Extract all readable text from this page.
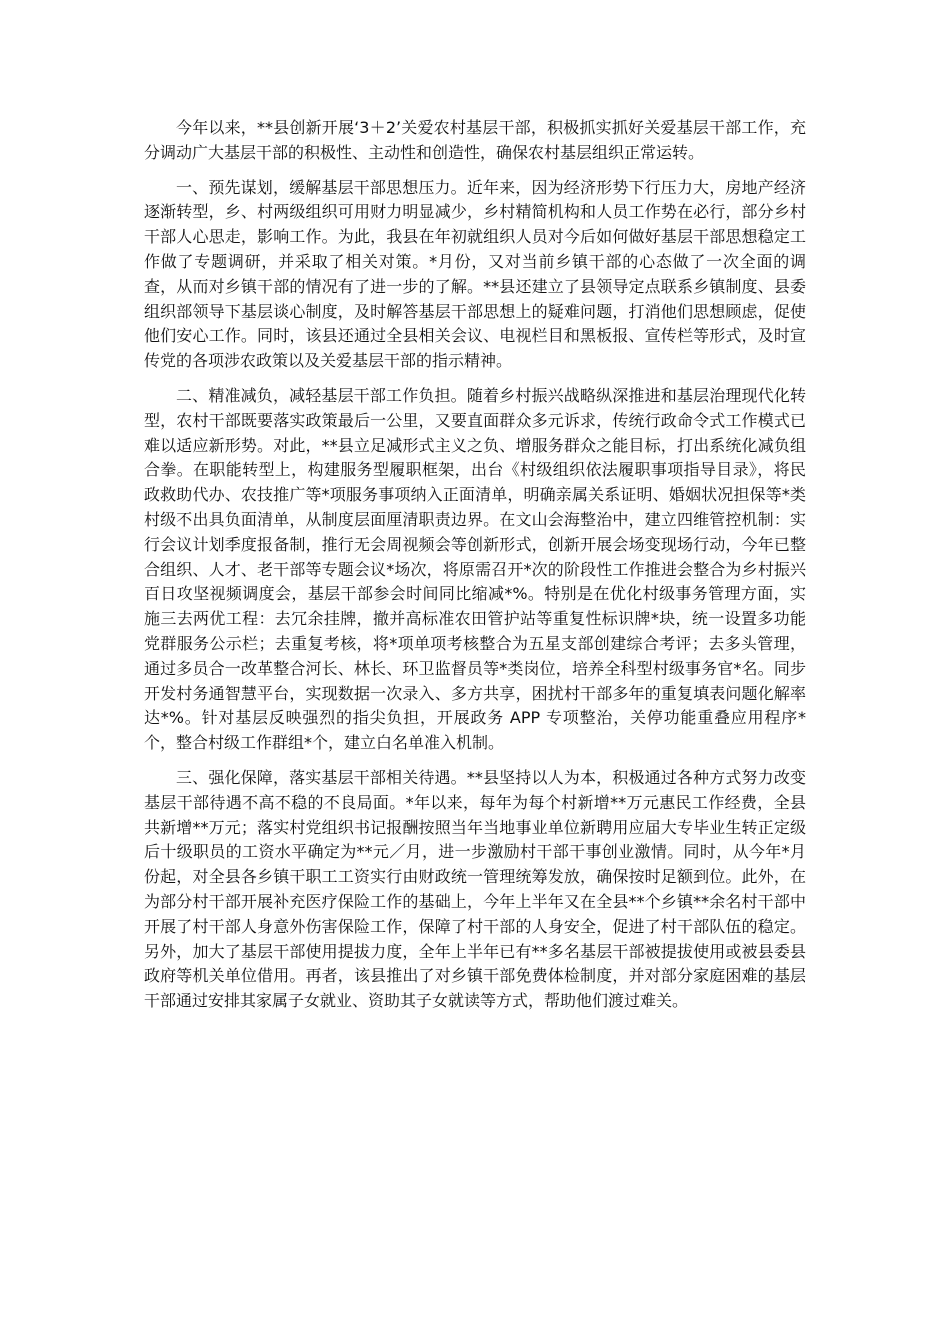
今年以来，**县创新开展‘3＋2’关爱农村基层干部，积极抓实抓好关爱基层干部工作，充分调动广大基层干部的积极性、主动性和创造性，确保农村基层组织正常运转。

一、预先谋划，缓解基层干部思想压力。近年来，因为经济形势下行压力大，房地产经济逐渐转型，乡、村两级组织可用财力明显减少，乡村精简机构和人员工作势在必行，部分乡村干部人心思走，影响工作。为此，我县在年初就组织人员对今后如何做好基层干部思想稳定工作做了专题调研，并采取了相关对策。*月份，又对当前乡镇干部的心态做了一次全面的调查，从而对乡镇干部的情况有了进一步的了解。**县还建立了县领导定点联系乡镇制度、县委组织部领导下基层谈心制度，及时解答基层干部思想上的疑难问题，打消他们思想顾虑，促使他们安心工作。同时，该县还通过全县相关会议、电视栏目和黑板报、宣传栏等形式，及时宣传党的各项涉农政策以及关爱基层干部的指示精神。

二、精准减负，减轻基层干部工作负担。随着乡村振兴战略纵深推进和基层治理现代化转型，农村干部既要落实政策最后一公里，又要直面群众多元诉求，传统行政命令式工作模式已难以适应新形势。对此，**县立足减形式主义之负、增服务群众之能目标，打出系统化减负组合拳。在职能转型上，构建服务型履职框架，出台《村级组织依法履职事项指导目录》，将民政救助代办、农技推广等*项服务事项纳入正面清单，明确亲属关系证明、婚姻状况担保等*类村级不出具负面清单，从制度层面厘清职责边界。在文山会海整治中，建立四维管控机制：实行会议计划季度报备制，推行无会周视频会等创新形式，创新开展会场变现场行动，今年已整合组织、人才、老干部等专题会议*场次，将原需召开*次的阶段性工作推进会整合为乡村振兴百日攻坚视频调度会，基层干部参会时间同比缩减*%。特别是在优化村级事务管理方面，实施三去两优工程：去冗余挂牌，撤并高标准农田管护站等重复性标识牌*块，统一设置多功能党群服务公示栏；去重复考核，将*项单项考核整合为五星支部创建综合考评；去多头管理，通过多员合一改革整合河长、林长、环卫监督员等*类岗位，培养全科型村级事务官*名。同步开发村务通智慧平台，实现数据一次录入、多方共享，困扰村干部多年的重复填表问题化解率达*%。针对基层反映强烈的指尖负担，开展政务 APP 专项整治，关停功能重叠应用程序*个，整合村级工作群组*个，建立白名单准入机制。

三、强化保障，落实基层干部相关待遇。**县坚持以人为本，积极通过各种方式努力改变基层干部待遇不高不稳的不良局面。*年以来，每年为每个村新增**万元惠民工作经费，全县共新增**万元；落实村党组织书记报酬按照当年当地事业单位新聘用应届大专毕业生转正定级后十级职员的工资水平确定为**元／月，进一步激励村干部干事创业激情。同时，从今年*月份起，对全县各乡镇干职工工资实行由财政统一管理统筹发放，确保按时足额到位。此外，在为部分村干部开展补充医疗保险工作的基础上，今年上半年又在全县**个乡镇**余名村干部中开展了村干部人身意外伤害保险工作，保障了村干部的人身安全，促进了村干部队伍的稳定。另外，加大了基层干部使用提拔力度，全年上半年已有**多名基层干部被提拔使用或被县委县政府等机关单位借用。再者，该县推出了对乡镇干部免费体检制度，并对部分家庭困难的基层干部通过安排其家属子女就业、资助其子女就读等方式，帮助他们渡过难关。
